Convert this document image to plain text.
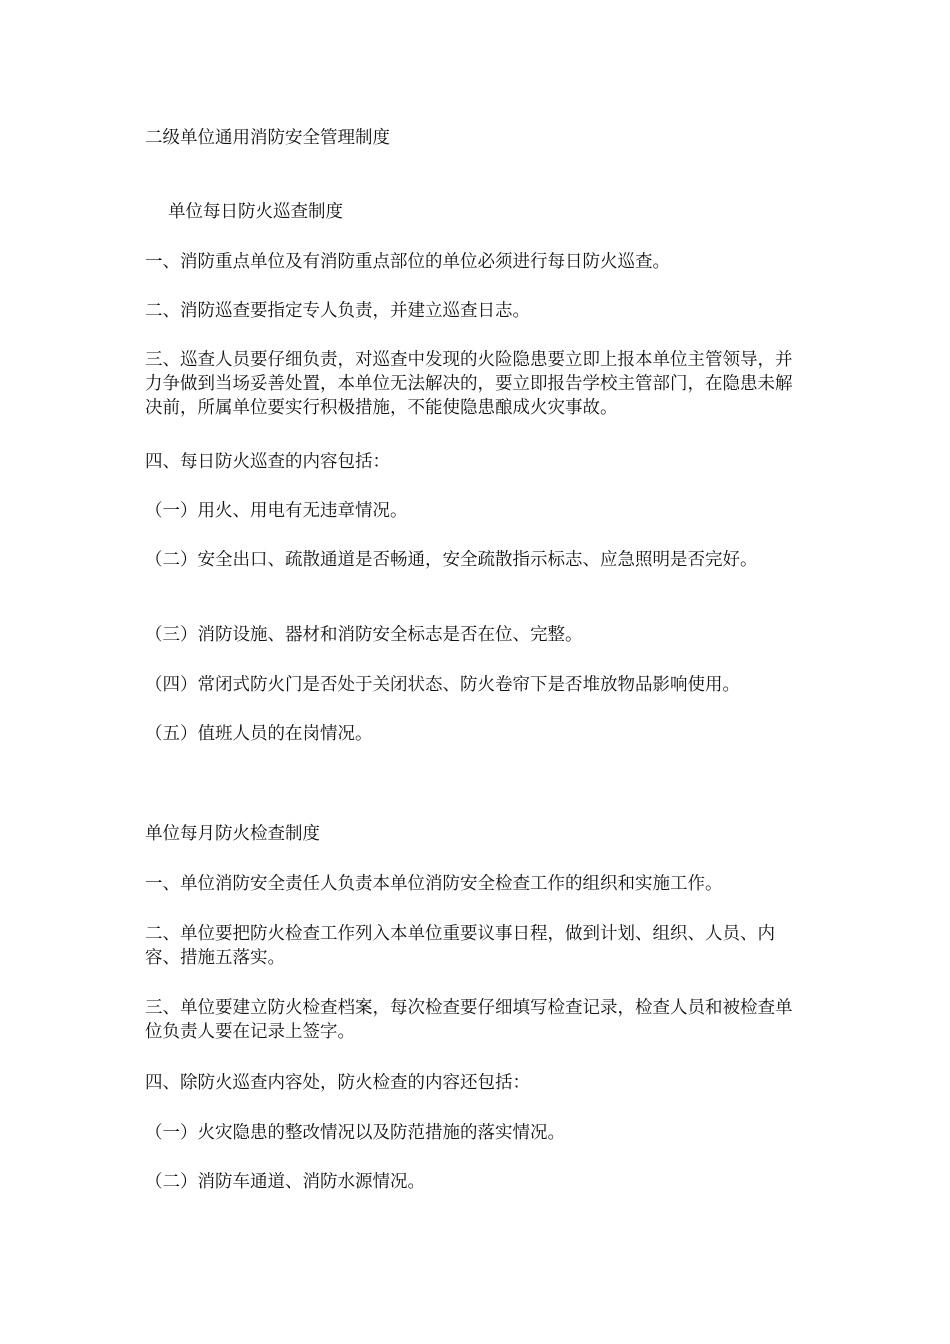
二级单位通用消防安全管理制度
单位每日防火巡查制度
一、消防重点单位及有消防重点部位的单位必须进行每日防火巡查。
二、消防巡查要指定专人负责，并建立巡查日志。
三、巡查人员要仔细负责，对巡查中发现的火险隐患要立即上报本单位主管领导，并力争做到当场妥善处置，本单位无法解决的，要立即报告学校主管部门，在隐患未解决前，所属单位要实行积极措施，不能使隐患酿成火灾事故。
四、每日防火巡查的内容包括：
（一）用火、用电有无违章情况。
（二）安全出口、疏散通道是否畅通，安全疏散指示标志、应急照明是否完好。
（三）消防设施、器材和消防安全标志是否在位、完整。
（四）常闭式防火门是否处于关闭状态、防火卷帘下是否堆放物品影响使用。
（五）值班人员的在岗情况。
单位每月防火检查制度
一、单位消防安全责任人负责本单位消防安全检查工作的组织和实施工作。
二、单位要把防火检查工作列入本单位重要议事日程，做到计划、组织、人员、内容、措施五落实。
三、单位要建立防火检查档案，每次检查要仔细填写检查记录，检查人员和被检查单位负责人要在记录上签字。
四、除防火巡查内容处，防火检查的内容还包括：
（一）火灾隐患的整改情况以及防范措施的落实情况。
（二）消防车通道、消防水源情况。
